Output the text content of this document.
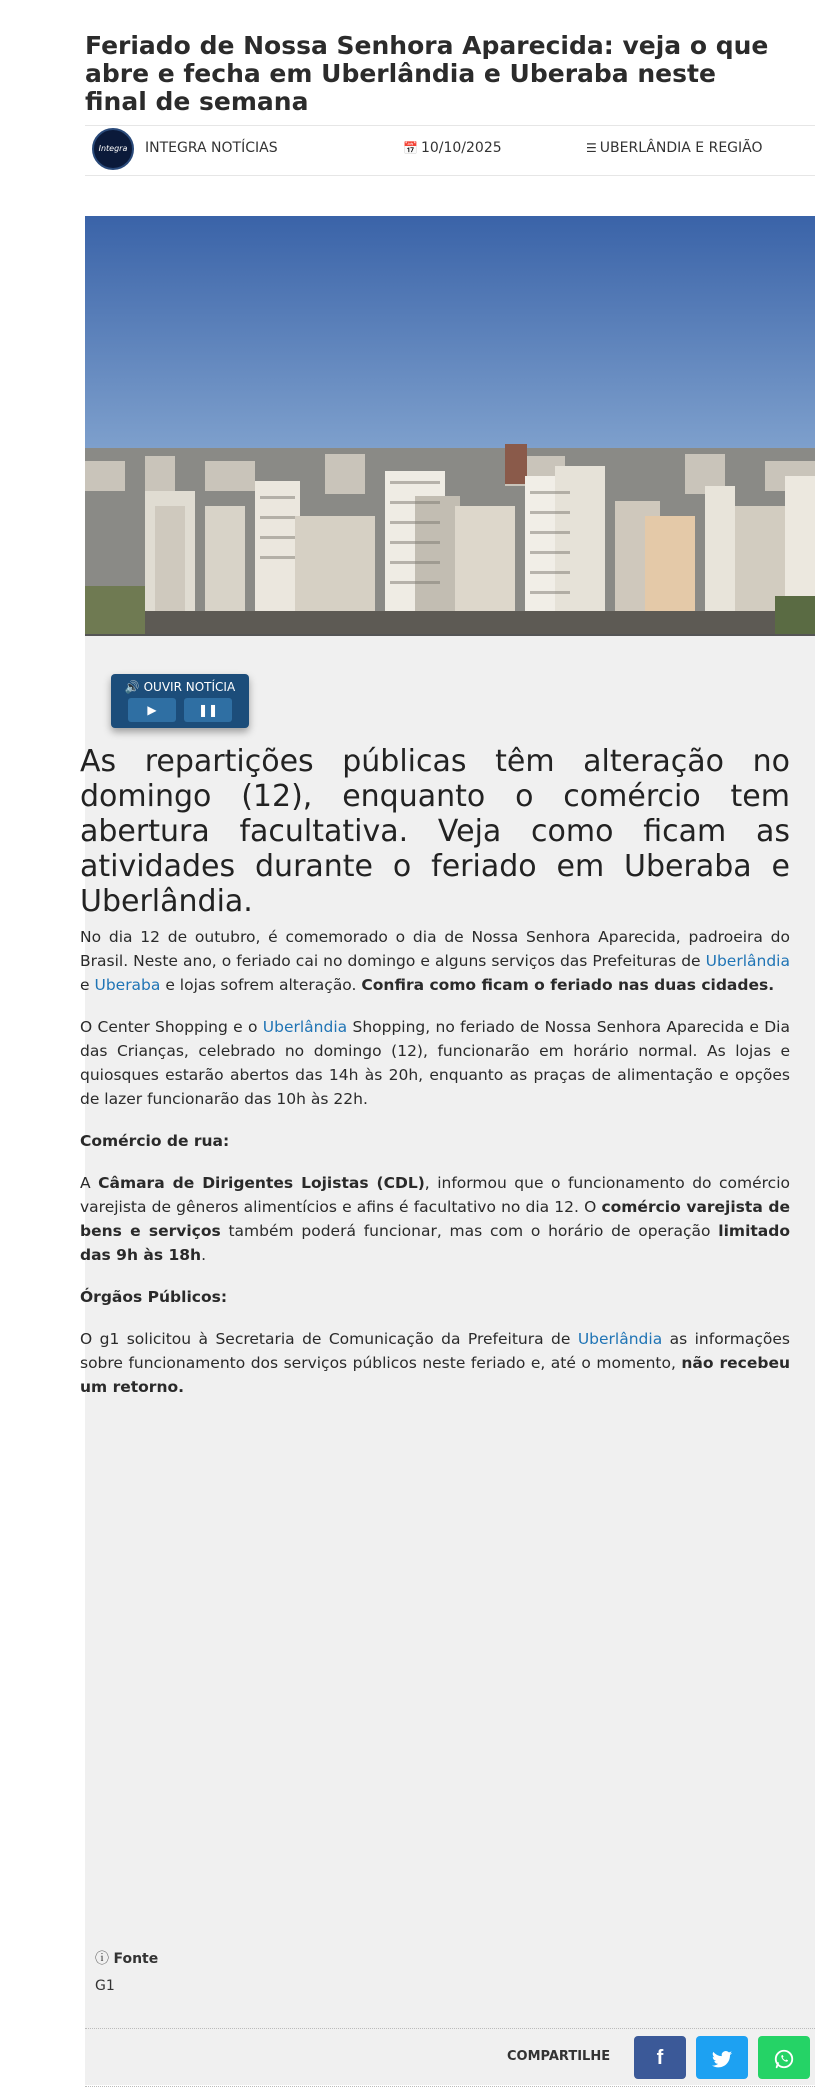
Feriado de Nossa Senhora Aparecida: veja o que abre e fecha em Uberlândia e Uberaba neste final de semana
Integra	INTEGRA NOTÍCIAS	📅 10/10/2025	☰ UBERLÂNDIA E REGIÃO
🔊 OUVIR NOTÍCIA
▶	❚❚

As repartições públicas têm alteração no domingo (12), enquanto o comércio tem abertura facultativa. Veja como ficam as atividades durante o feriado em Uberaba e Uberlândia.

No dia 12 de outubro, é comemorado o dia de Nossa Senhora Aparecida, padroeira do Brasil. Neste ano, o feriado cai no domingo e alguns serviços das Prefeituras de Uberlândia e Uberaba e lojas sofrem alteração. Confira como ficam o feriado nas duas cidades.

O Center Shopping e o Uberlândia Shopping, no feriado de Nossa Senhora Aparecida e Dia das Crianças, celebrado no domingo (12), funcionarão em horário normal. As lojas e quiosques estarão abertos das 14h às 20h, enquanto as praças de alimentação e opções de lazer funcionarão das 10h às 22h.

Comércio de rua:

A Câmara de Dirigentes Lojistas (CDL), informou que o funcionamento do comércio varejista de gêneros alimentícios e afins é facultativo no dia 12. O comércio varejista de bens e serviços também poderá funcionar, mas com o horário de operação limitado das 9h às 18h.

Órgãos Públicos:

O g1 solicitou à Secretaria de Comunicação da Prefeitura de Uberlândia as informações sobre funcionamento dos serviços públicos neste feriado e, até o momento, não recebeu um retorno.

ⓘ Fonte
G1
COMPARTILHE	f
